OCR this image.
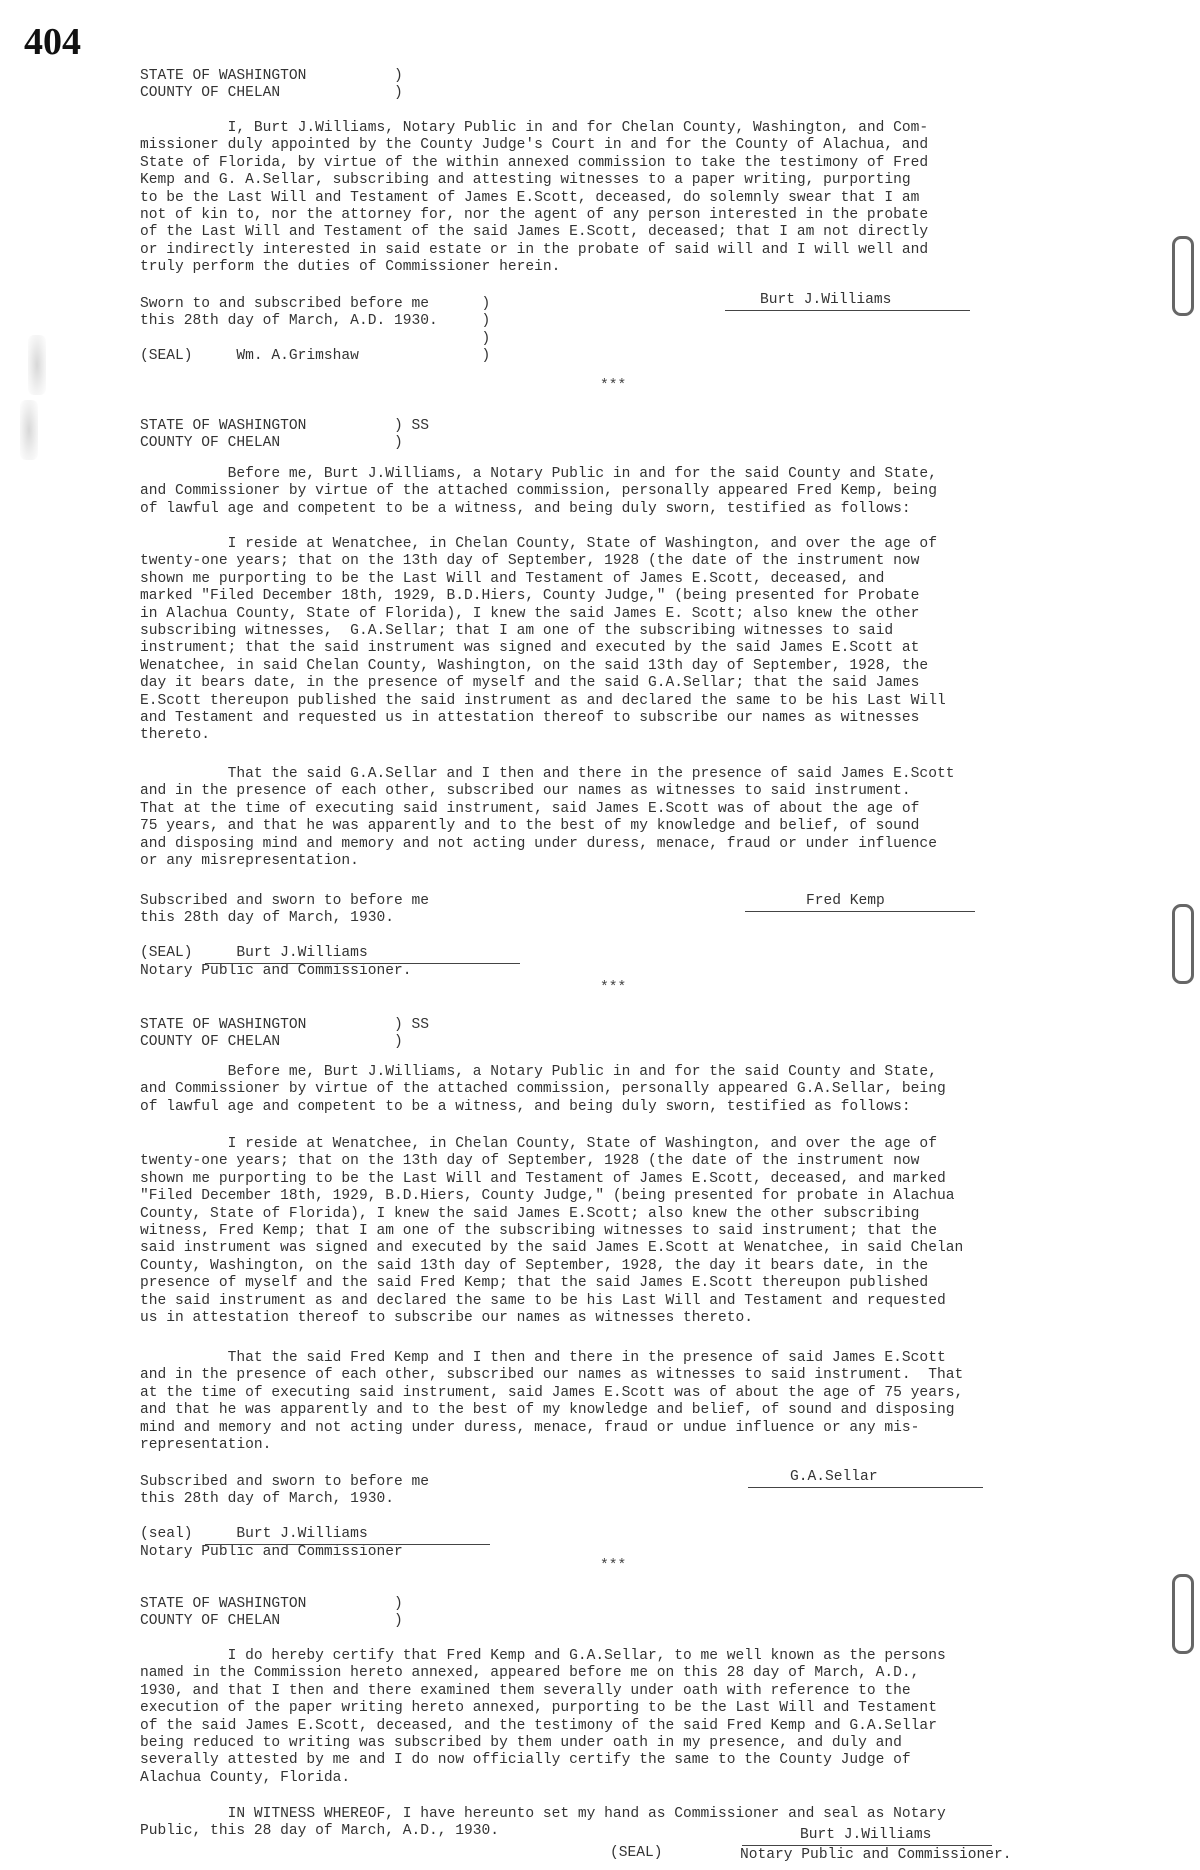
404
STATE OF WASHINGTON          )
COUNTY OF CHELAN             )
I, Burt J.Williams, Notary Public in and for Chelan County, Washington, and Com-
missioner duly appointed by the County Judge's Court in and for the County of Alachua, and
State of Florida, by virtue of the within annexed commission to take the testimony of Fred
Kemp and G. A.Sellar, subscribing and attesting witnesses to a paper writing, purporting
to be the Last Will and Testament of James E.Scott, deceased, do solemnly swear that I am
not of kin to, nor the attorney for, nor the agent of any person interested in the probate
of the Last Will and Testament of the said James E.Scott, deceased; that I am not directly
or indirectly interested in said estate or in the probate of said will and I will well and
truly perform the duties of Commissioner herein.
Sworn to and subscribed before me      )
this 28th day of March, A.D. 1930.     )
)
(SEAL)     Wm. A.Grimshaw              )
Burt J.Williams
***
STATE OF WASHINGTON          ) SS
COUNTY OF CHELAN             )
Before me, Burt J.Williams, a Notary Public in and for the said County and State,
and Commissioner by virtue of the attached commission, personally appeared Fred Kemp, being
of lawful age and competent to be a witness, and being duly sworn, testified as follows:
I reside at Wenatchee, in Chelan County, State of Washington, and over the age of
twenty-one years; that on the 13th day of September, 1928 (the date of the instrument now
shown me purporting to be the Last Will and Testament of James E.Scott, deceased, and
marked "Filed December 18th, 1929, B.D.Hiers, County Judge," (being presented for Probate
in Alachua County, State of Florida), I knew the said James E. Scott; also knew the other
subscribing witnesses,  G.A.Sellar; that I am one of the subscribing witnesses to said
instrument; that the said instrument was signed and executed by the said James E.Scott at
Wenatchee, in said Chelan County, Washington, on the said 13th day of September, 1928, the
day it bears date, in the presence of myself and the said G.A.Sellar; that the said James
E.Scott thereupon published the said instrument as and declared the same to be his Last Will
and Testament and requested us in attestation thereof to subscribe our names as witnesses
thereto.
That the said G.A.Sellar and I then and there in the presence of said James E.Scott
and in the presence of each other, subscribed our names as witnesses to said instrument.
That at the time of executing said instrument, said James E.Scott was of about the age of
75 years, and that he was apparently and to the best of my knowledge and belief, of sound
and disposing mind and memory and not acting under duress, menace, fraud or under influence
or any misrepresentation.
Subscribed and sworn to before me
this 28th day of March, 1930.

(SEAL)     Burt J.Williams
Notary Public and Commissioner.
Fred Kemp
***
STATE OF WASHINGTON          ) SS
COUNTY OF CHELAN             )
Before me, Burt J.Williams, a Notary Public in and for the said County and State,
and Commissioner by virtue of the attached commission, personally appeared G.A.Sellar, being
of lawful age and competent to be a witness, and being duly sworn, testified as follows:
I reside at Wenatchee, in Chelan County, State of Washington, and over the age of
twenty-one years; that on the 13th day of September, 1928 (the date of the instrument now
shown me purporting to be the Last Will and Testament of James E.Scott, deceased, and marked
"Filed December 18th, 1929, B.D.Hiers, County Judge," (being presented for probate in Alachua
County, State of Florida), I knew the said James E.Scott; also knew the other subscribing
witness, Fred Kemp; that I am one of the subscribing witnesses to said instrument; that the
said instrument was signed and executed by the said James E.Scott at Wenatchee, in said Chelan
County, Washington, on the said 13th day of September, 1928, the day it bears date, in the
presence of myself and the said Fred Kemp; that the said James E.Scott thereupon published
the said instrument as and declared the same to be his Last Will and Testament and requested
us in attestation thereof to subscribe our names as witnesses thereto.
That the said Fred Kemp and I then and there in the presence of said James E.Scott
and in the presence of each other, subscribed our names as witnesses to said instrument.  That
at the time of executing said instrument, said James E.Scott was of about the age of 75 years,
and that he was apparently and to the best of my knowledge and belief, of sound and disposing
mind and memory and not acting under duress, menace, fraud or undue influence or any mis-
representation.
Subscribed and sworn to before me
this 28th day of March, 1930.

(seal)     Burt J.Williams
Notary Public and Commissioner
G.A.Sellar
***
STATE OF WASHINGTON          )
COUNTY OF CHELAN             )
I do hereby certify that Fred Kemp and G.A.Sellar, to me well known as the persons
named in the Commission hereto annexed, appeared before me on this 28 day of March, A.D.,
1930, and that I then and there examined them severally under oath with reference to the
execution of the paper writing hereto annexed, purporting to be the Last Will and Testament
of the said James E.Scott, deceased, and the testimony of the said Fred Kemp and G.A.Sellar
being reduced to writing was subscribed by them under oath in my presence, and duly and
severally attested by me and I do now officially certify the same to the County Judge of
Alachua County, Florida.
IN WITNESS WHEREOF, I have hereunto set my hand as Commissioner and seal as Notary
Public, this 28 day of March, A.D., 1930.
(SEAL)
Burt J.Williams
Notary Public and Commissioner.
